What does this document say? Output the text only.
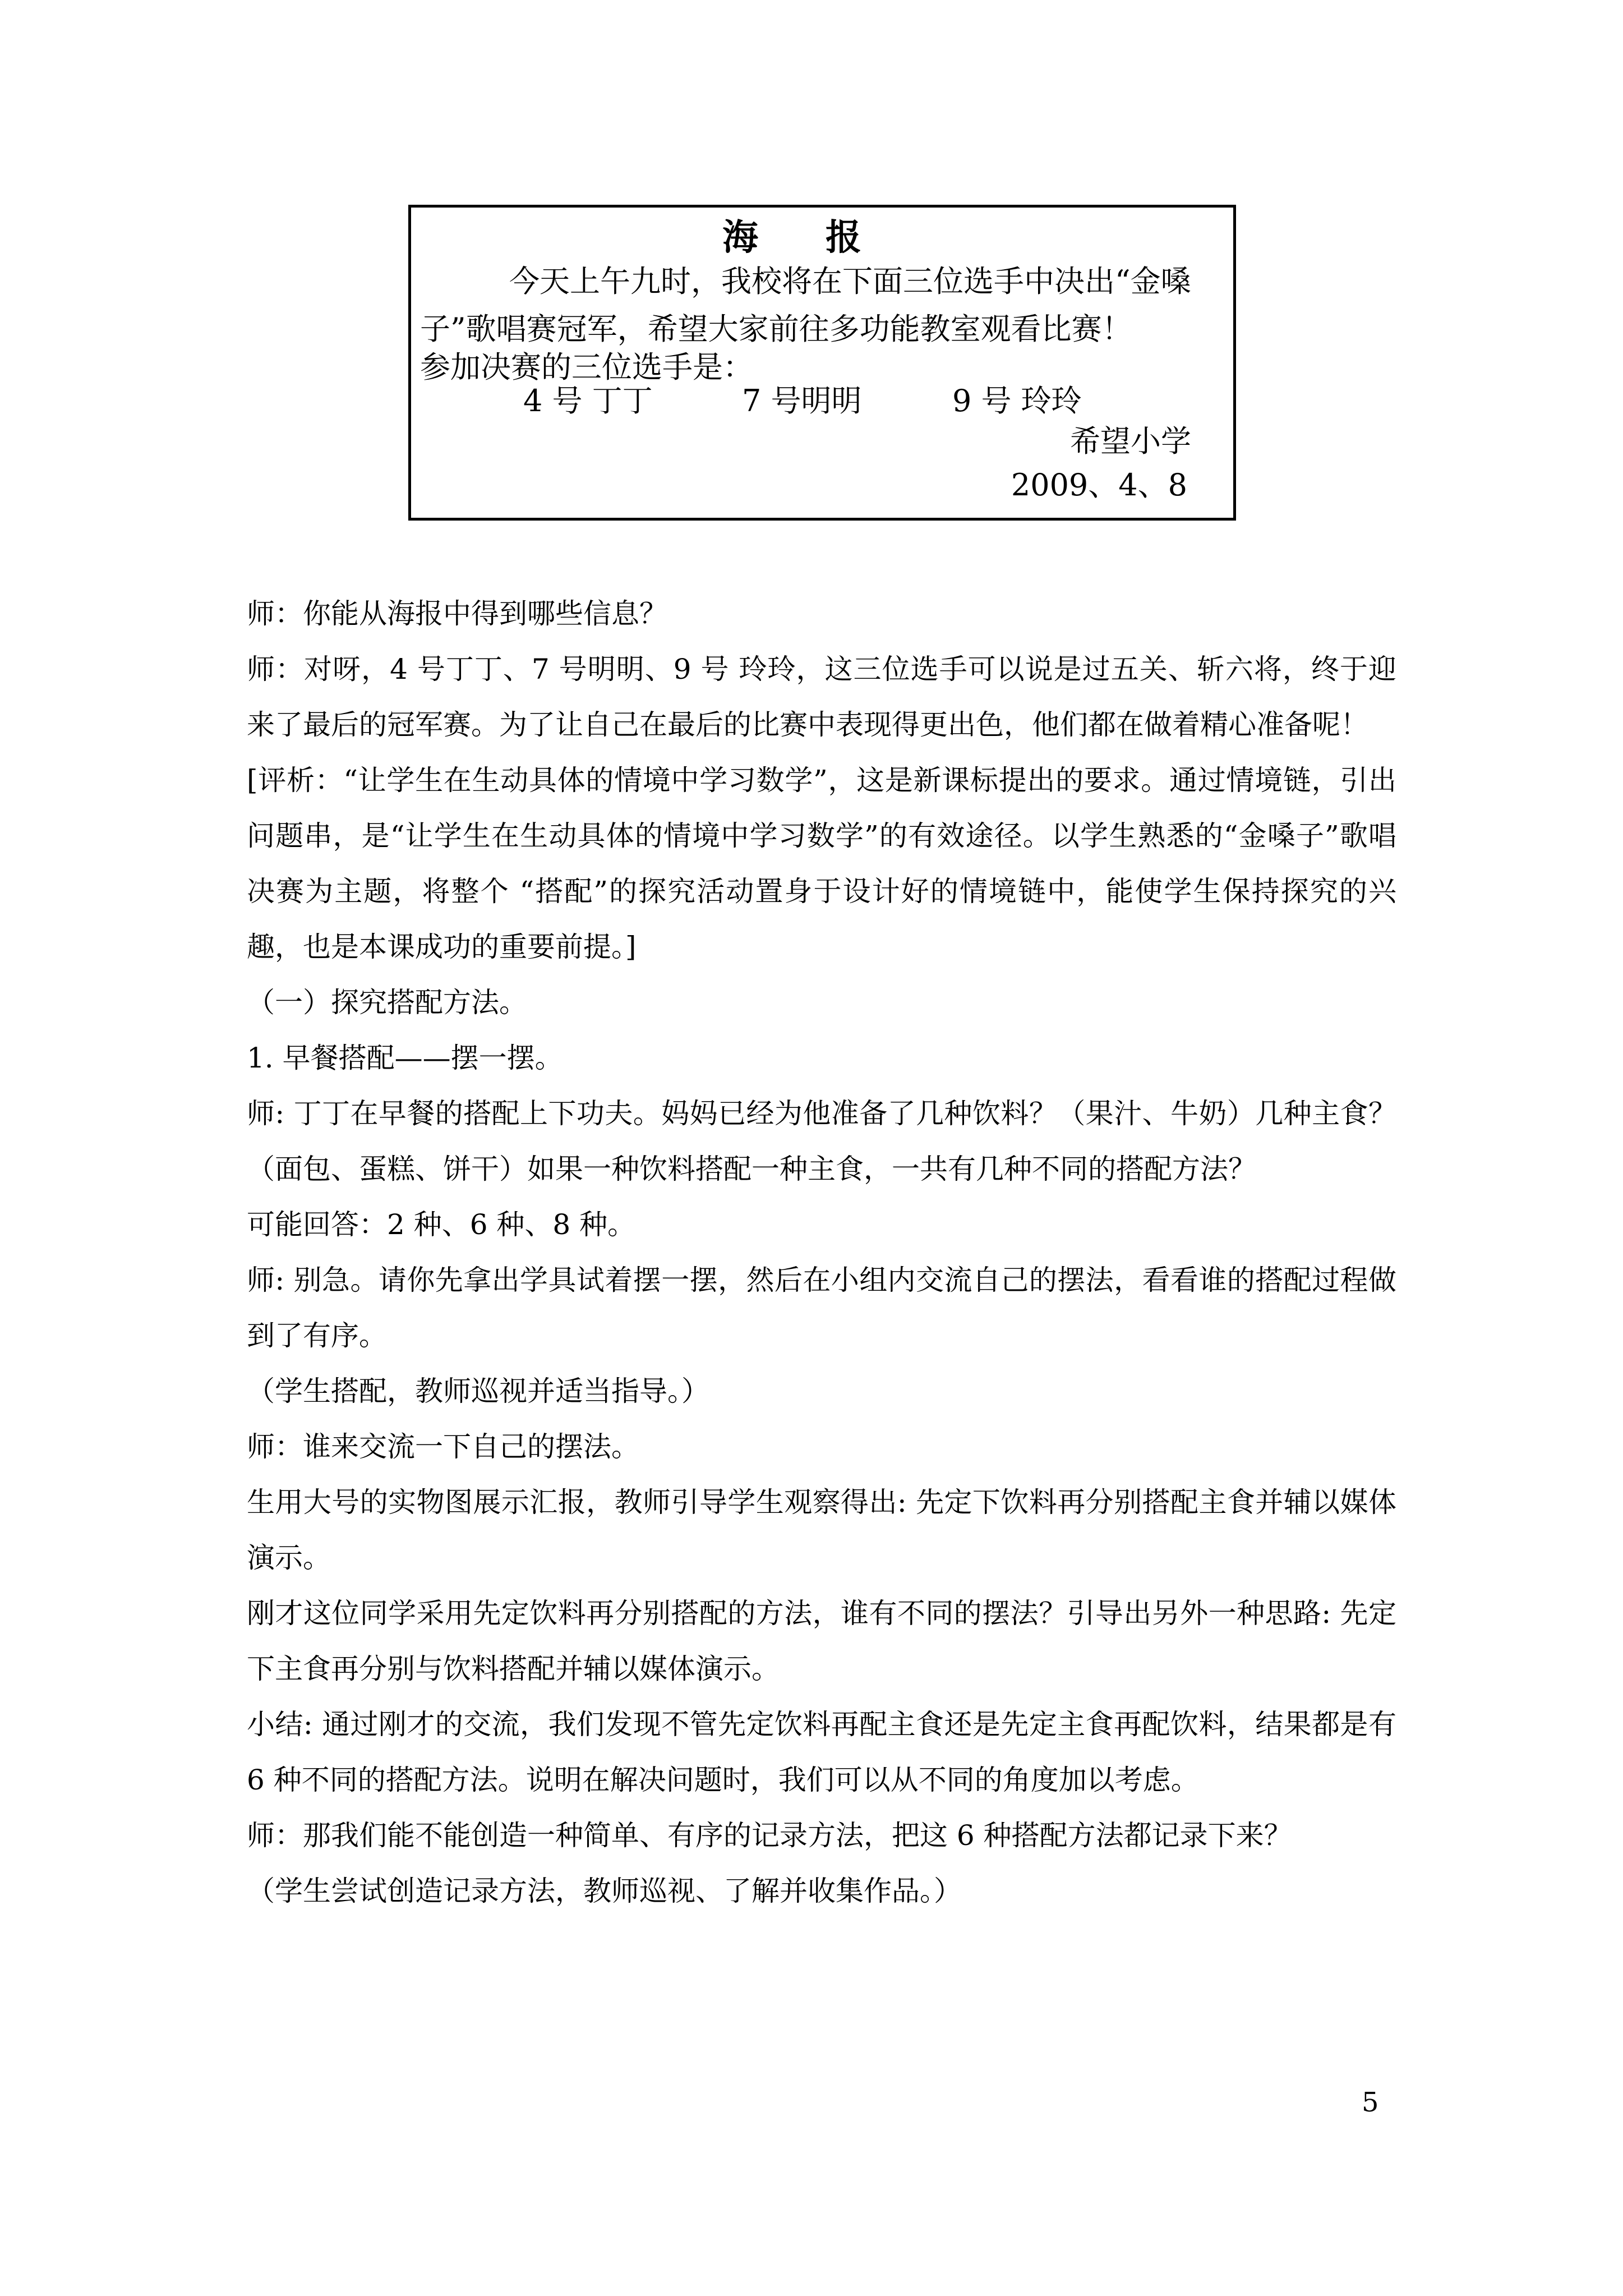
海报
今天上午九时，我校将在下面三位选手中决出“金嗓
子”歌唱赛冠军，希望大家前往多功能教室观看比赛！
参加决赛的三位选手是：
4 号 丁丁	7 号明明	9 号 玲玲
希望小学
2009、4、8

师：你能从海报中得到哪些信息？

师：对呀，4 号丁丁、7 号明明、9 号 玲玲，这三位选手可以说是过五关、斩六将，终于迎来了最后的冠军赛。为了让自己在最后的比赛中表现得更出色，他们都在做着精心准备呢！

[评析：“让学生在生动具体的情境中学习数学”，这是新课标提出的要求。通过情境链，引出问题串，是“让学生在生动具体的情境中学习数学”的有效途径。以学生熟悉的“金嗓子”歌唱决赛为主题，将整个 “搭配”的探究活动置身于设计好的情境链中，能使学生保持探究的兴趣，也是本课成功的重要前提。]

（一）探究搭配方法。

1. 早餐搭配——摆一摆。

师: 丁丁在早餐的搭配上下功夫。妈妈已经为他准备了几种饮料？（果汁、牛奶）几种主食？（面包、蛋糕、饼干）如果一种饮料搭配一种主食，一共有几种不同的搭配方法？

可能回答：2 种、6 种、8 种。

师: 别急。请你先拿出学具试着摆一摆，然后在小组内交流自己的摆法，看看谁的搭配过程做到了有序。

（学生搭配，教师巡视并适当指导。）

师：谁来交流一下自己的摆法。

生用大号的实物图展示汇报，教师引导学生观察得出: 先定下饮料再分别搭配主食并辅以媒体演示。

刚才这位同学采用先定饮料再分别搭配的方法，谁有不同的摆法？引导出另外一种思路: 先定下主食再分别与饮料搭配并辅以媒体演示。

小结: 通过刚才的交流，我们发现不管先定饮料再配主食还是先定主食再配饮料，结果都是有 6 种不同的搭配方法。说明在解决问题时，我们可以从不同的角度加以考虑。

师：那我们能不能创造一种简单、有序的记录方法，把这 6 种搭配方法都记录下来？

（学生尝试创造记录方法，教师巡视、了解并收集作品。）

5
